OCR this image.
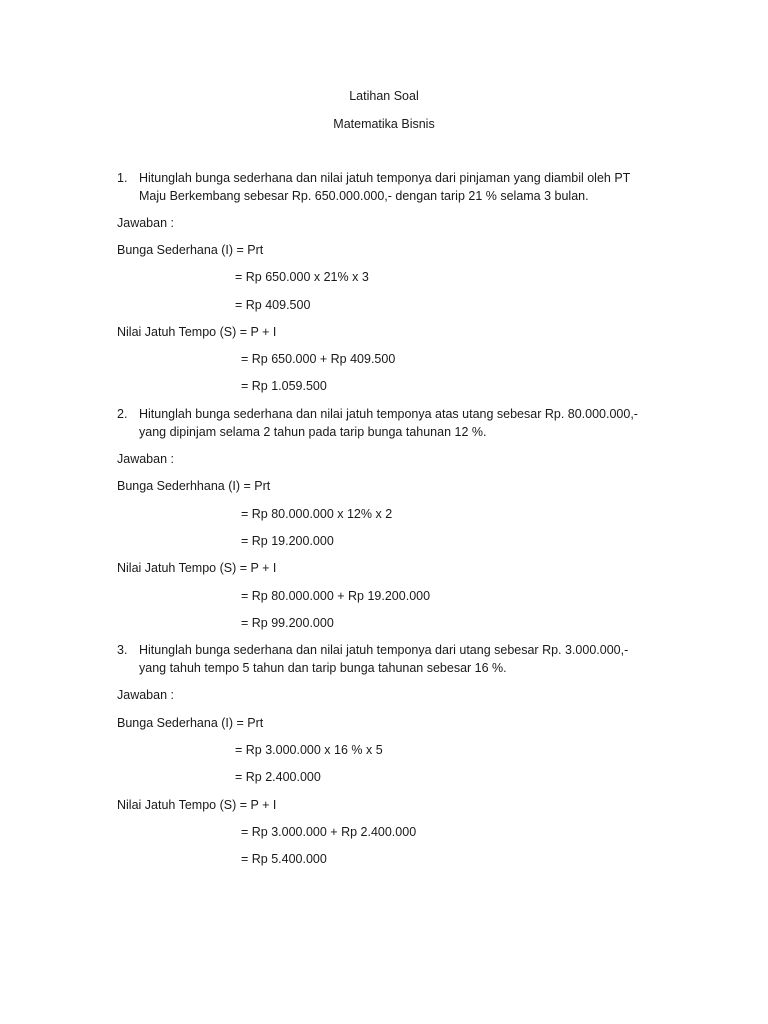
Latihan Soal
Matematika Bisnis
1. Hitunglah bunga sederhana dan nilai jatuh temponya dari pinjaman yang diambil oleh PT
Maju Berkembang sebesar Rp. 650.000.000,- dengan tarip 21 % selama 3 bulan.
Jawaban :
Bunga Sederhana (I) = Prt
= Rp 650.000 x 21% x 3
= Rp 409.500
Nilai Jatuh Tempo (S) = P + I
= Rp 650.000 + Rp 409.500
= Rp 1.059.500
2. Hitunglah bunga sederhana dan nilai jatuh temponya atas utang sebesar Rp. 80.000.000,-
yang dipinjam selama 2 tahun pada tarip bunga tahunan 12 %.
Jawaban :
Bunga Sederhhana (I) = Prt
= Rp 80.000.000 x 12% x 2
= Rp 19.200.000
Nilai Jatuh Tempo (S) = P + I
= Rp 80.000.000 + Rp 19.200.000
= Rp 99.200.000
3. Hitunglah bunga sederhana dan nilai jatuh temponya dari utang sebesar Rp. 3.000.000,-
yang tahuh tempo 5 tahun dan tarip bunga tahunan sebesar 16 %.
Jawaban :
Bunga Sederhana (I) = Prt
= Rp 3.000.000 x 16 % x 5
= Rp 2.400.000
Nilai Jatuh Tempo (S) = P + I
= Rp 3.000.000 + Rp 2.400.000
= Rp 5.400.000
